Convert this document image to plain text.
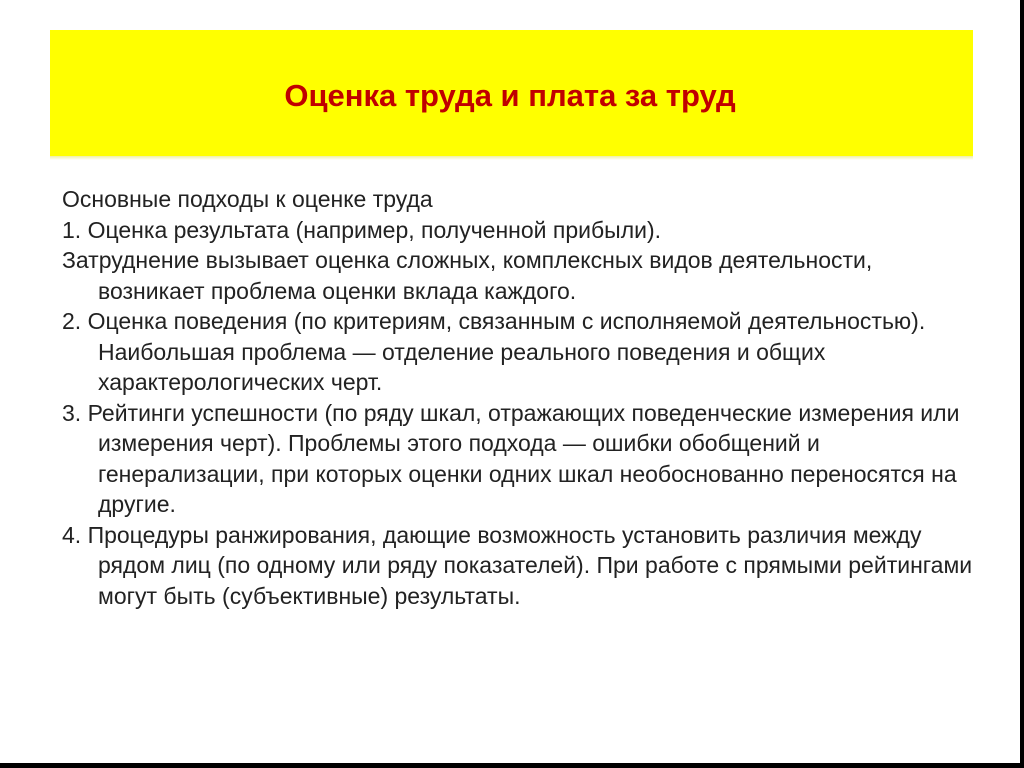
Оценка труда и плата за труд

Основные подходы к оценке труда

1. Оценка результата (например, полученной прибыли).

Затруднение вызывает оценка сложных, комплексных видов деятельности, возникает проблема оценки вклада каждого.

2. Оценка поведения (по критериям, связанным с исполняемой деятельностью). Наибольшая проблема — отделение реального поведения и общих характерологических черт.

3. Рейтинги успешности (по ряду шкал, отражающих поведенческие измерения или измерения черт). Проблемы этого подхода — ошибки обобщений и генерализации, при которых оценки одних шкал необоснованно переносятся на другие.

4. Процедуры ранжирования, дающие возможность установить различия между рядом лиц (по одному или ряду показателей). При работе с прямыми рейтингами могут быть (субъективные) результаты.
